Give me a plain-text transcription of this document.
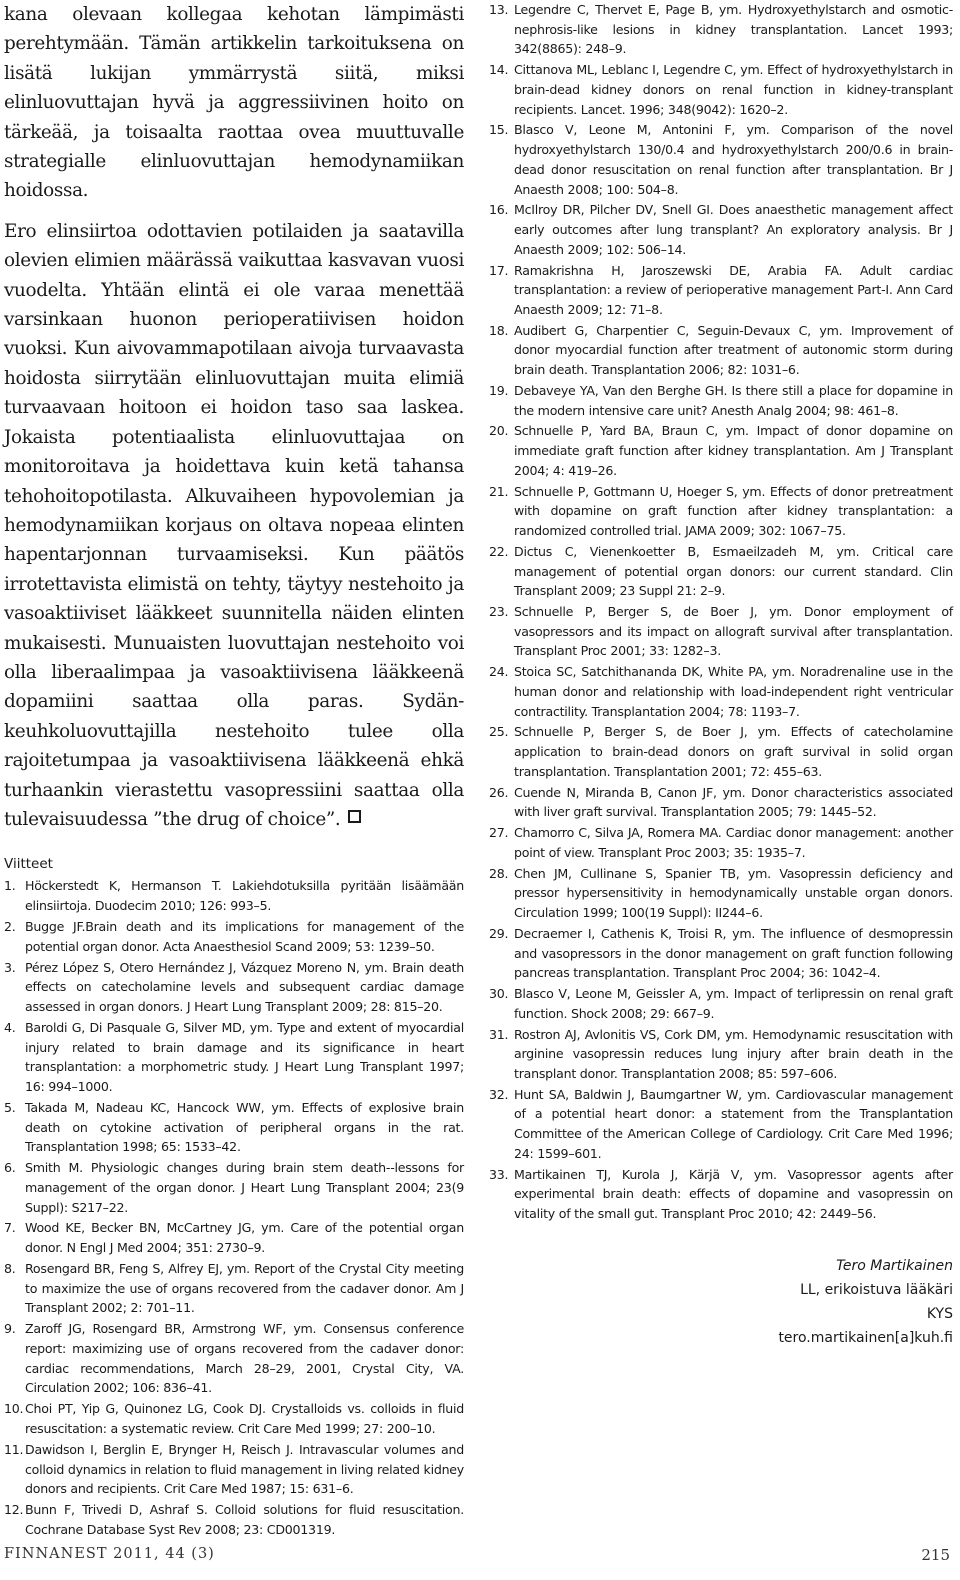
kana olevaan kollegaa kehotan lämpimästi perehtymään. Tämän artikkelin tarkoituksena on lisätä lukijan ymmärrystä siitä, miksi elinluovuttajan hyvä ja aggressiivinen hoito on tärkeää, ja toisaalta raottaa ovea muuttuvalle strategialle elinluovuttajan hemodynamiikan hoidossa.

Ero elinsiirtoa odottavien potilaiden ja saatavilla olevien elimien määrässä vaikuttaa kasvavan vuosi vuodelta. Yhtään elintä ei ole varaa menettää varsinkaan huonon perioperatiivisen hoidon vuoksi. Kun aivovammapotilaan aivoja turvaavasta hoidosta siirrytään elinluovuttajan muita elimiä turvaavaan hoitoon ei hoidon taso saa laskea. Jokaista potentiaalista elinluovuttajaa on monitoroitava ja hoidettava kuin ketä tahansa tehohoitopotilasta. Alkuvaiheen hypovolemian ja hemodynamiikan korjaus on oltava nopeaa elinten hapentarjonnan turvaamiseksi. Kun päätös irrotettavista elimistä on tehty, täytyy nestehoito ja vasoaktiiviset lääkkeet suunnitella näiden elinten mukaisesti. Munuaisten luovuttajan nestehoito voi olla liberaalimpaa ja vasoaktiivisena lääkkeenä dopamiini saattaa olla paras. Sydän-keuhkoluovuttajilla nestehoito tulee olla rajoitetumpaa ja vasoaktiivisena lääkkeenä ehkä turhaankin vierastettu vasopressiini saattaa olla tulevaisuudessa ”the drug of choice”.

Viitteet
1. Höckerstedt K, Hermanson T. Lakiehdotuksilla pyritään lisäämään elinsiirtoja. Duodecim 2010; 126: 993–5.
2. Bugge JF.Brain death and its implications for management of the potential organ donor. Acta Anaesthesiol Scand 2009; 53: 1239–50.
3. Pérez López S, Otero Hernández J, Vázquez Moreno N, ym. Brain death effects on catecholamine levels and subsequent cardiac damage assessed in organ donors. J Heart Lung Transplant 2009; 28: 815–20.
4. Baroldi G, Di Pasquale G, Silver MD, ym. Type and extent of myocardial injury related to brain damage and its significance in heart transplantation: a morphometric study. J Heart Lung Transplant 1997; 16: 994–1000.
5. Takada M, Nadeau KC, Hancock WW, ym. Effects of explosive brain death on cytokine activation of peripheral organs in the rat. Transplantation 1998; 65: 1533–42.
6. Smith M. Physiologic changes during brain stem death--lessons for management of the organ donor. J Heart Lung Transplant 2004; 23(9 Suppl): S217–22.
7. Wood KE, Becker BN, McCartney JG, ym. Care of the potential organ donor. N Engl J Med 2004; 351: 2730–9.
8. Rosengard BR, Feng S, Alfrey EJ, ym. Report of the Crystal City meeting to maximize the use of organs recovered from the cadaver donor. Am J Transplant 2002; 2: 701–11.
9. Zaroff JG, Rosengard BR, Armstrong WF, ym. Consensus conference report: maximizing use of organs recovered from the cadaver donor: cardiac recommendations, March 28–29, 2001, Crystal City, VA. Circulation 2002; 106: 836–41.
10. Choi PT, Yip G, Quinonez LG, Cook DJ. Crystalloids vs. colloids in fluid resuscitation: a systematic review. Crit Care Med 1999; 27: 200–10.
11. Dawidson I, Berglin E, Brynger H, Reisch J. Intravascular volumes and colloid dynamics in relation to fluid management in living related kidney donors and recipients. Crit Care Med 1987; 15: 631–6.
12. Bunn F, Trivedi D, Ashraf S. Colloid solutions for fluid resuscitation. Cochrane Database Syst Rev 2008; 23: CD001319.
13. Legendre C, Thervet E, Page B, ym. Hydroxyethylstarch and osmotic-nephrosis-like lesions in kidney transplantation. Lancet 1993; 342(8865): 248–9.
14. Cittanova ML, Leblanc I, Legendre C, ym. Effect of hydroxyethylstarch in brain-dead kidney donors on renal function in kidney-transplant recipients. Lancet. 1996; 348(9042): 1620–2.
15. Blasco V, Leone M, Antonini F, ym. Comparison of the novel hydroxyethylstarch 130/0.4 and hydroxyethylstarch 200/0.6 in brain-dead donor resuscitation on renal function after transplantation. Br J Anaesth 2008; 100: 504–8.
16. McIlroy DR, Pilcher DV, Snell GI. Does anaesthetic management affect early outcomes after lung transplant? An exploratory analysis. Br J Anaesth 2009; 102: 506–14.
17. Ramakrishna H, Jaroszewski DE, Arabia FA. Adult cardiac transplantation: a review of perioperative management Part-I. Ann Card Anaesth 2009; 12: 71–8.
18. Audibert G, Charpentier C, Seguin-Devaux C, ym. Improvement of donor myocardial function after treatment of autonomic storm during brain death. Transplantation 2006; 82: 1031–6.
19. Debaveye YA, Van den Berghe GH. Is there still a place for dopamine in the modern intensive care unit? Anesth Analg 2004; 98: 461–8.
20. Schnuelle P, Yard BA, Braun C, ym. Impact of donor dopamine on immediate graft function after kidney transplantation. Am J Transplant 2004; 4: 419–26.
21. Schnuelle P, Gottmann U, Hoeger S, ym. Effects of donor pretreatment with dopamine on graft function after kidney transplantation: a randomized controlled trial. JAMA 2009; 302: 1067–75.
22. Dictus C, Vienenkoetter B, Esmaeilzadeh M, ym. Critical care management of potential organ donors: our current standard. Clin Transplant 2009; 23 Suppl 21: 2–9.
23. Schnuelle P, Berger S, de Boer J, ym. Donor employment of vasopressors and its impact on allograft survival after transplantation. Transplant Proc 2001; 33: 1282–3.
24. Stoica SC, Satchithananda DK, White PA, ym. Noradrenaline use in the human donor and relationship with load-independent right ventricular contractility. Transplantation 2004; 78: 1193–7.
25. Schnuelle P, Berger S, de Boer J, ym. Effects of catecholamine application to brain-dead donors on graft survival in solid organ transplantation. Transplantation 2001; 72: 455–63.
26. Cuende N, Miranda B, Canon JF, ym. Donor characteristics associated with liver graft survival. Transplantation 2005; 79: 1445–52.
27. Chamorro C, Silva JA, Romera MA. Cardiac donor management: another point of view. Transplant Proc 2003; 35: 1935–7.
28. Chen JM, Cullinane S, Spanier TB, ym. Vasopressin deficiency and pressor hypersensitivity in hemodynamically unstable organ donors. Circulation 1999; 100(19 Suppl): II244–6.
29. Decraemer I, Cathenis K, Troisi R, ym. The influence of desmopressin and vasopressors in the donor management on graft function following pancreas transplantation. Transplant Proc 2004; 36: 1042–4.
30. Blasco V, Leone M, Geissler A, ym. Impact of terlipressin on renal graft function. Shock 2008; 29: 667–9.
31. Rostron AJ, Avlonitis VS, Cork DM, ym. Hemodynamic resuscitation with arginine vasopressin reduces lung injury after brain death in the transplant donor. Transplantation 2008; 85: 597–606.
32. Hunt SA, Baldwin J, Baumgartner W, ym. Cardiovascular management of a potential heart donor: a statement from the Transplantation Committee of the American College of Cardiology. Crit Care Med 1996; 24: 1599–601.
33. Martikainen TJ, Kurola J, Kärjä V, ym. Vasopressor agents after experimental brain death: effects of dopamine and vasopressin on vitality of the small gut. Transplant Proc 2010; 42: 2449–56.
Tero Martikainen
LL, erikoistuva lääkäri
KYS
tero.martikainen[a]kuh.fi
FINNANEST 2011, 44 (3)	215
